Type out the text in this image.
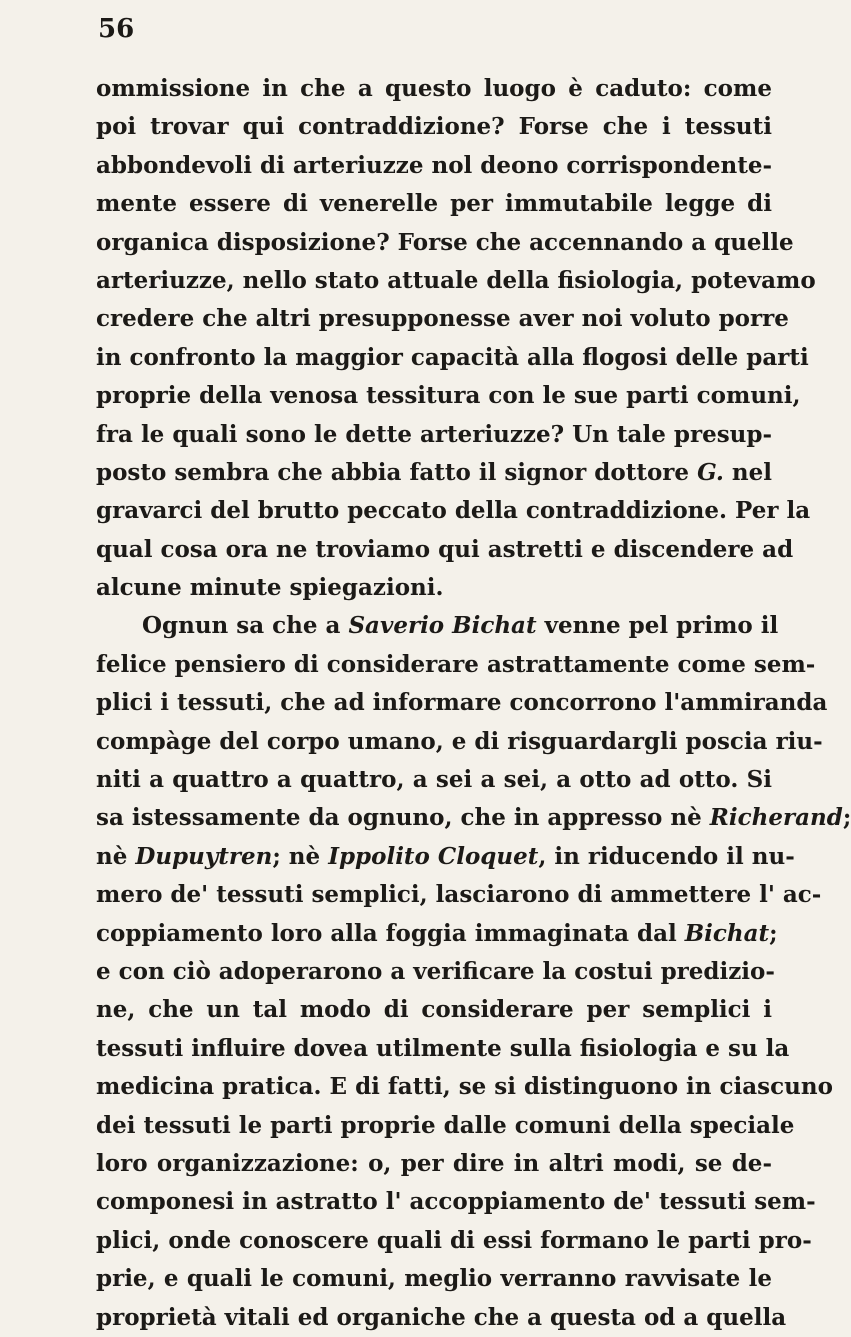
56
ommissione in che a questo luogo è caduto: come
poi trovar qui contraddizione? Forse che i tessuti
abbondevoli di arteriuzze nol deono corrispondente-
mente essere di venerelle per immutabile legge di
organica disposizione? Forse che accennando a quelle
arteriuzze, nello stato attuale della fisiologia, potevamo
credere che altri presupponesse aver noi voluto porre
in confronto la maggior capacità alla flogosi delle parti
proprie della venosa tessitura con le sue parti comuni,
fra le quali sono le dette arteriuzze? Un tale presup-
posto sembra che abbia fatto il signor dottore G. nel
gravarci del brutto peccato della contraddizione. Per la
qual cosa ora ne troviamo qui astretti e discendere ad
alcune minute spiegazioni.
Ognun sa che a Saverio Bichat venne pel primo il
felice pensiero di considerare astrattamente come sem-
plici i tessuti, che ad informare concorrono l'ammiranda
compàge del corpo umano, e di risguardargli poscia riu-
niti a quattro a quattro, a sei a sei, a otto ad otto. Si
sa istessamente da ognuno, che in appresso nè Richerand;
nè Dupuytren; nè Ippolito Cloquet, in riducendo il nu-
mero de' tessuti semplici, lasciarono di ammettere l' ac-
coppiamento loro alla foggia immaginata dal Bichat;
e con ciò adoperarono a verificare la costui predizio-
ne, che un tal modo di considerare per semplici i
tessuti influire dovea utilmente sulla fisiologia e su la
medicina pratica. E di fatti, se si distinguono in ciascuno
dei tessuti le parti proprie dalle comuni della speciale
loro organizzazione: o, per dire in altri modi, se de-
componesi in astratto l' accoppiamento de' tessuti sem-
plici, onde conoscere quali di essi formano le parti pro-
prie, e quali le comuni, meglio verranno ravvisate le
proprietà vitali ed organiche che a questa od a quella
